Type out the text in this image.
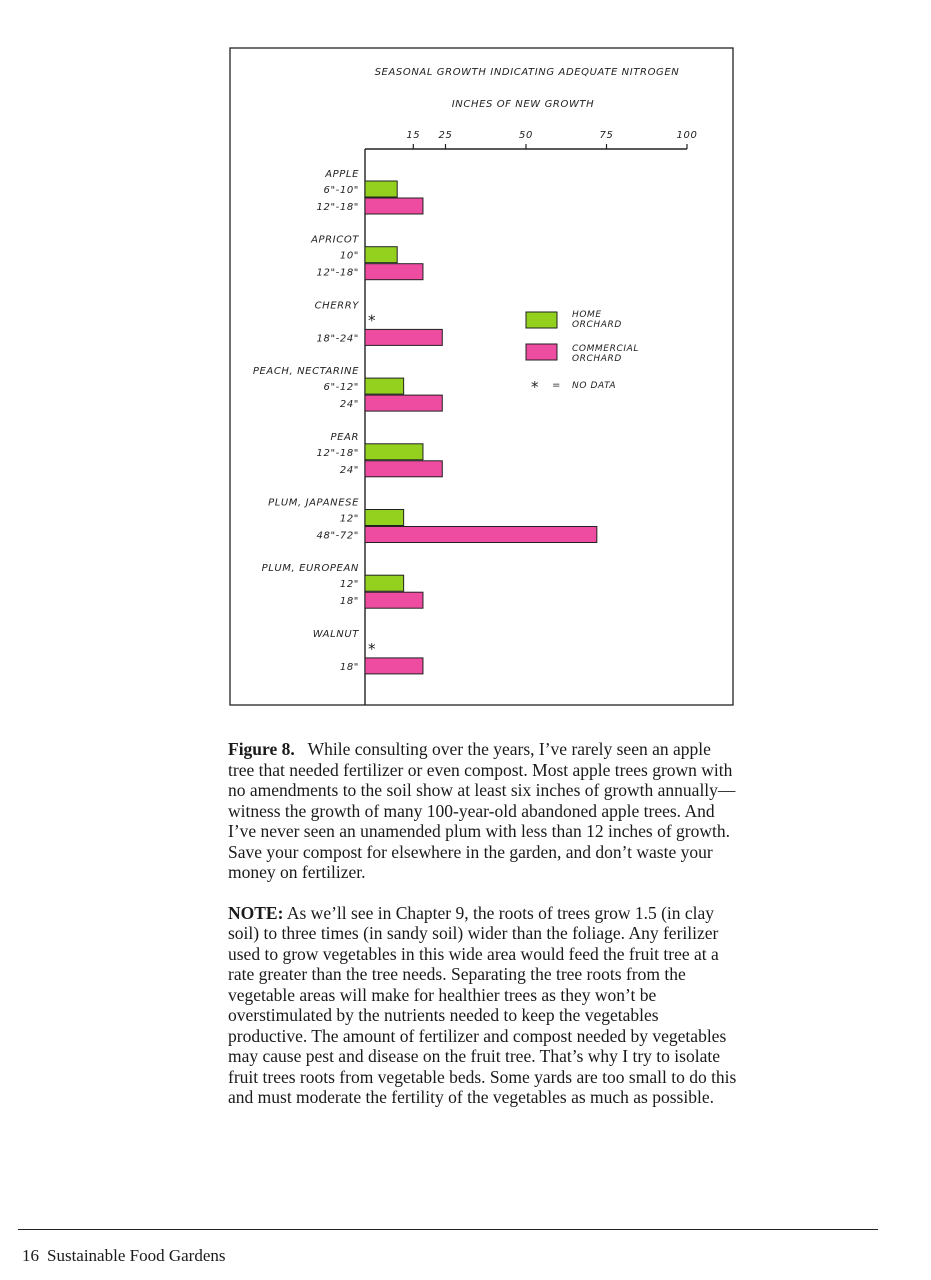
SEASONAL GROWTH INDICATING ADEQUATE NITROGEN
INCHES OF NEW GROWTH
15 25	50	75	100
*
*
APPLE
6"-10"
12"-18"
APRICOT
10"
12"-18"
CHERRY
18"-24"
PEACH, NECTARINE
6"-12"
24"
PEAR
12"-18"
24"
PLUM, JAPANESE
12"
48"-72"
PLUM, EUROPEAN
12"
18"
WALNUT
18"
HOME
ORCHARD
COMMERCIAL
ORCHARD
* = NO DATA

Figure 8. While consulting over the years, I’ve rarely seen an apple tree that needed fertilizer or even compost. Most apple trees grown with no amendments to the soil show at least six inches of growth annually—witness the growth of many 100-year-old abandoned apple trees. And I’ve never seen an unamended plum with less than 12 inches of growth. Save your compost for elsewhere in the garden, and don’t waste your money on fertilizer.

NOTE: As we’ll see in Chapter 9, the roots of trees grow 1.5 (in clay soil) to three times (in sandy soil) wider than the foliage. Any ferilizer used to grow vegetables in this wide area would feed the fruit tree at a rate greater than the tree needs. Separating the tree roots from the vegetable areas will make for healthier trees as they won’t be overstimulated by the nutrients needed to keep the vegetables productive. The amount of fertilizer and compost needed by vegetables may cause pest and disease on the fruit tree. That’s why I try to isolate fruit trees roots from vegetable beds. Some yards are too small to do this and must moderate the fertility of the vegetables as much as possible.

16 Sustainable Food Gardens
